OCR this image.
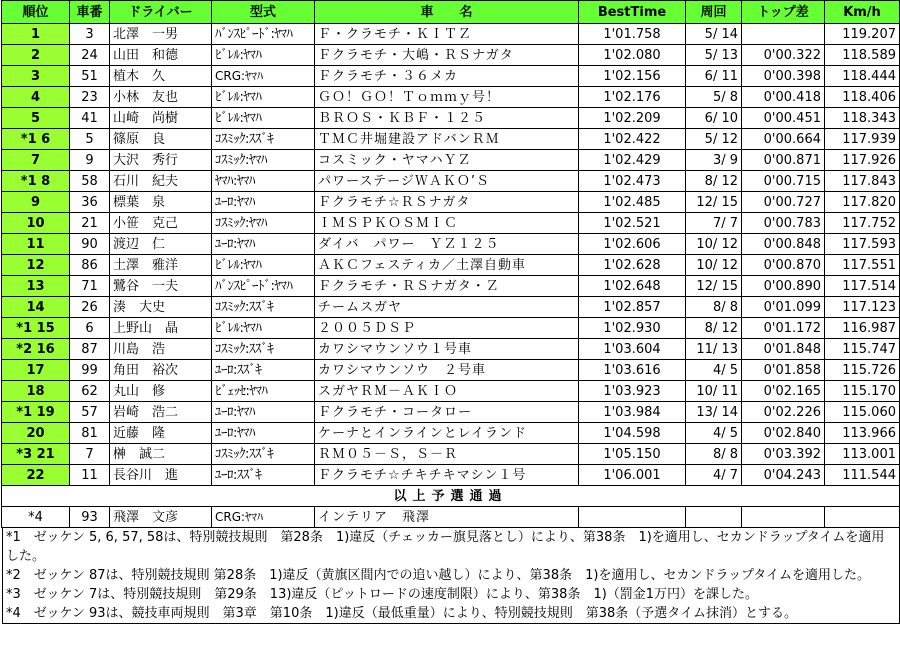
順位	車番	ドライバー	型式	車　　名	BestTime	周回	トップ差	Km/h
1	3	北澤　一男	ﾊﾞﾝｽﾋﾟｰﾄﾞ:ﾔﾏﾊ	Ｆ・クラモチ・ＫＩＴＺ	1'01.758	5/ 14		119.207
2	24	山田　和德	ﾋﾞﾚﾙ:ﾔﾏﾊ	Ｆクラモチ・大嶋・ＲＳナガタ	1'02.080	5/ 13	0'00.322	118.589
3	51	植木　久	CRG:ﾔﾏﾊ	Ｆクラモチ・３６メカ	1'02.156	6/ 11	0'00.398	118.444
4	23	小林　友也	ﾋﾞﾚﾙ:ﾔﾏﾊ	ＧＯ！ＧＯ！Ｔｏｍｍｙ号！	1'02.176	5/ 8	0'00.418	118.406
5	41	山崎　尚樹	ﾋﾞﾚﾙ:ﾔﾏﾊ	ＢＲＯＳ・ＫＢＦ・１２５	1'02.209	6/ 10	0'00.451	118.343
*1 6	5	篠原　良	ｺｽﾐｯｸ:ｽｽﾞｷ	ＴＭＣ井堀建設アドバンＲＭ	1'02.422	5/ 12	0'00.664	117.939
7	9	大沢　秀行	ｺｽﾐｯｸ:ﾔﾏﾊ	コスミック・ヤマハＹＺ	1'02.429	3/ 9	0'00.871	117.926
*1 8	58	石川　紀夫	ﾔﾏﾊ:ﾔﾏﾊ	パワーステージＷＡＫＯ’Ｓ	1'02.473	8/ 12	0'00.715	117.843
9	36	標葉　泉	ﾕｰﾛ:ﾔﾏﾊ	Ｆクラモチ☆ＲＳナガタ	1'02.485	12/ 15	0'00.727	117.820
10	21	小笹　克己	ｺｽﾐｯｸ:ﾔﾏﾊ	ＩＭＳＰＫＯＳＭＩＣ	1'02.521	7/ 7	0'00.783	117.752
11	90	渡辺　仁	ﾕｰﾛ:ﾔﾏﾊ	ダイバ　パワー　ＹＺ１２５	1'02.606	10/ 12	0'00.848	117.593
12	86	土澤　雅洋	ﾋﾞﾚﾙ:ﾔﾏﾊ	ＡＫＣフェスティカ／土澤自動車	1'02.628	10/ 12	0'00.870	117.551
13	71	鷺谷　一夫	ﾊﾞﾝｽﾋﾟｰﾄﾞ:ﾔﾏﾊ	Ｆクラモチ・ＲＳナガタ・Ｚ	1'02.648	12/ 15	0'00.890	117.514
14	26	湊　大史	ｺｽﾐｯｸ:ｽｽﾞｷ	チームスガヤ	1'02.857	8/ 8	0'01.099	117.123
*1 15	6	上野山　晶	ﾋﾞﾚﾙ:ﾔﾏﾊ	２００５ＤＳＰ	1'02.930	8/ 12	0'01.172	116.987
*2 16	87	川島　浩	ｺｽﾐｯｸ:ｽｽﾞｷ	カワシマウンソウ１号車	1'03.604	11/ 13	0'01.848	115.747
17	99	角田　裕次	ﾕｰﾛ:ｽｽﾞｷ	カワシマウンソウ　２号車	1'03.616	4/ 5	0'01.858	115.726
18	62	丸山　修	ﾋﾞｪｯｾ:ﾔﾏﾊ	スガヤＲＭ－ＡＫＩＯ	1'03.923	10/ 11	0'02.165	115.170
*1 19	57	岩崎　浩二	ﾕｰﾛ:ﾔﾏﾊ	Ｆクラモチ・コータロー	1'03.984	13/ 14	0'02.226	115.060
20	81	近藤　隆	ﾕｰﾛ:ﾔﾏﾊ	ケーナとインラインとレイランド	1'04.598	4/ 5	0'02.840	113.966
*3 21	7	榊　誠二	ｺｽﾐｯｸ:ｽｽﾞｷ	ＲＭ０５－Ｓ，Ｓ－Ｒ	1'05.150	8/ 8	0'03.392	113.001
22	11	長谷川　進	ﾕｰﾛ:ｽｽﾞｷ	Ｆクラモチ☆チキチキマシン１号	1'06.001	4/ 7	0'04.243	111.544
以上予選通過								
*4	93	飛澤　文彦	CRG:ﾔﾏﾊ	インテリア　飛澤				
*1　ゼッケン 5, 6, 57, 58は、特別競技規則　第28条　1)違反（チェッカー旗見落とし）により、第38条　1)を適用し、セカンドラップタイムを適用した。
*2　ゼッケン 87は、特別競技規則 第28条　1)違反（黄旗区間内での追い越し）により、第38条　1)を適用し、セカンドラップタイムを適用した。
*3　ゼッケン 7は、特別競技規則　第29条　13)違反（ピットロードの速度制限）により、第38条　1)（罰金1万円）を課した。
*4　ゼッケン 93は、競技車両規則　第3章　第10条　1)違反（最低重量）により、特別競技規則　第38条（予選タイム抹消）とする。
